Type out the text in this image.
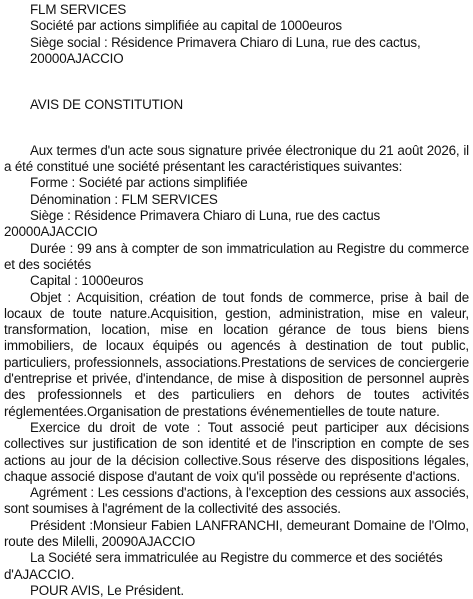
FLM SERVICES

Société par actions simplifiée au capital de 1000euros

Siège social : Résidence Primavera Chiaro di Luna, rue des cactus, 20000AJACCIO

AVIS DE CONSTITUTION

Aux termes d'un acte sous signature privée électronique du 21 août 2026, il a été constitué une société présentant les caractéristiques suivantes:

Forme : Société par actions simplifiée

Dénomination : FLM SERVICES

Siège : Résidence Primavera Chiaro di Luna, rue des cactus 20000AJACCIO

Durée : 99 ans à compter de son immatriculation au Registre du commerce et des sociétés

Capital : 1000euros

Objet : Acquisition, création de tout fonds de commerce, prise à bail de locaux de toute nature.Acquisition, gestion, administration, mise en valeur, transformation, location, mise en location gérance de tous biens biens immobiliers, de locaux équipés ou agencés à destination de tout public, particuliers, professionnels, associations.Prestations de services de conciergerie d'entreprise et privée, d'intendance, de mise à disposition de personnel auprès des professionnels et des particuliers en dehors de toutes activités réglementées.Organisation de prestations événementielles de toute nature.

Exercice du droit de vote : Tout associé peut participer aux décisions collectives sur justification de son identité et de l'inscription en compte de ses actions au jour de la décision collective.Sous réserve des dispositions légales, chaque associé dispose d'autant de voix qu'il possède ou représente d'actions.

Agrément : Les cessions d'actions, à l'exception des cessions aux associés, sont soumises à l'agrément de la collectivité des associés.

Président :Monsieur Fabien LANFRANCHI, demeurant Domaine de l'Olmo, route des Milelli, 20090AJACCIO

La Société sera immatriculée au Registre du commerce et des sociétés d'AJACCIO.

POUR AVIS, Le Président.
